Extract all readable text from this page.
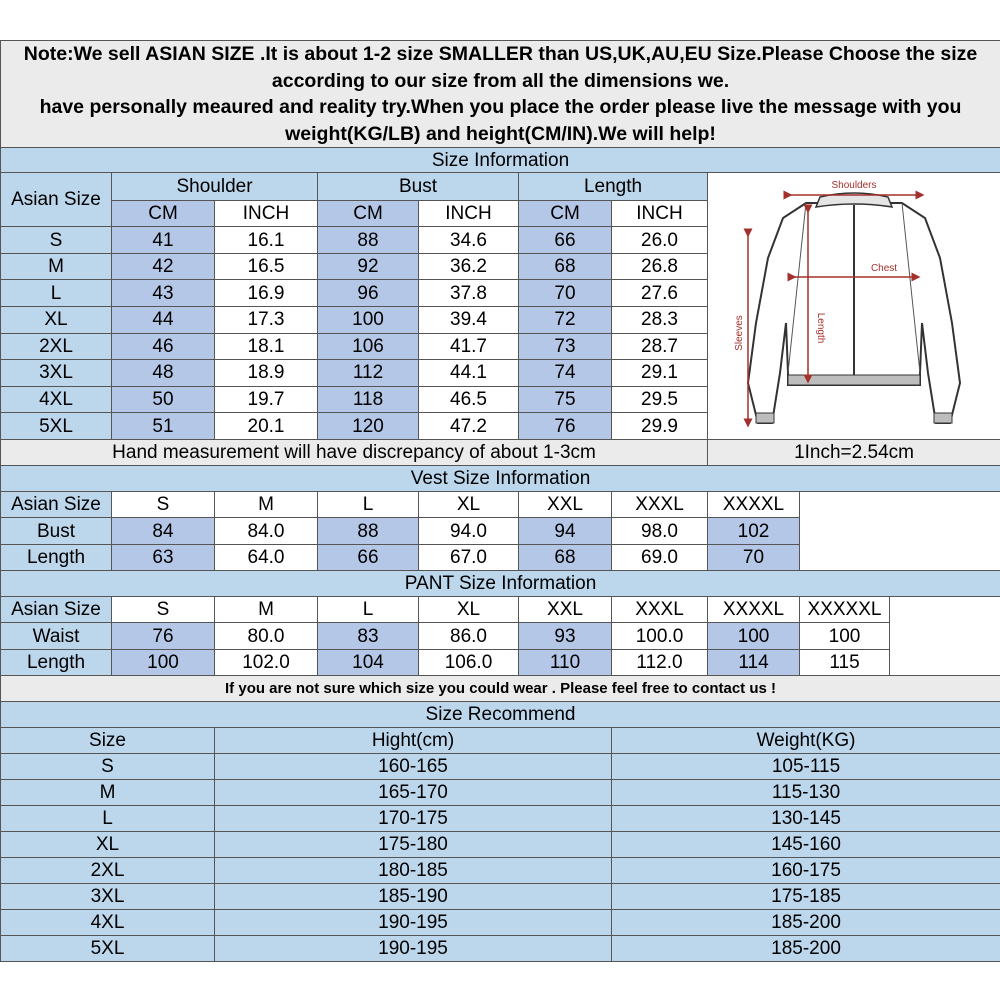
Note:We sell ASIAN SIZE .It is about 1-2 size SMALLER than US,UK,AU,EU Size.Please Choose the size according to our size from all the dimensions we.
have personally meaured and reality try.When you place the order please live the message with you weight(KG/LB) and height(CM/IN).We will help!									

Size Information									
Asian Size	Shoulder		Bust		Length		Shoulders
Chest
Length
Sleeves		

	CM	INCH	CM	INCH	CM	INCH			
S	41	16.1	88	34.6	66	26.0			
M	42	16.5	92	36.2	68	26.8			
L	43	16.9	96	37.8	70	27.6			
XL	44	17.3	100	39.4	72	28.3			
2XL	46	18.1	106	41.7	73	28.7			
3XL	48	18.9	112	44.1	74	29.1			
4XL	50	19.7	118	46.5	75	29.5			
5XL	51	20.1	120	47.2	76	29.9			
Hand measurement will have discrepancy of about 1-3cm							1Inch=2.54cm		
Vest Size Information									
Asian Size	S	M	L	XL	XXL	XXXL	XXXXL		
Bust	84	84.0	88	94.0	94	98.0	102		
Length	63	64.0	66	67.0	68	69.0	70		
PANT Size Information									
Asian Size	S	M	L	XL	XXL	XXXL	XXXXL	XXXXXL	
Waist	76	80.0	83	86.0	93	100.0	100	100	
Length	100	102.0	104	106.0	110	112.0	114	115	
If you are not sure which size you could wear . Please feel free to contact us !									
Size Recommend									
Size		Hight(cm)				Weight(KG)			
S		160-165				105-115			
M		165-170				115-130			
L		170-175				130-145			
XL		175-180				145-160			
2XL		180-185				160-175			
3XL		185-190				175-185			
4XL		190-195				185-200			
5XL		190-195				185-200			
